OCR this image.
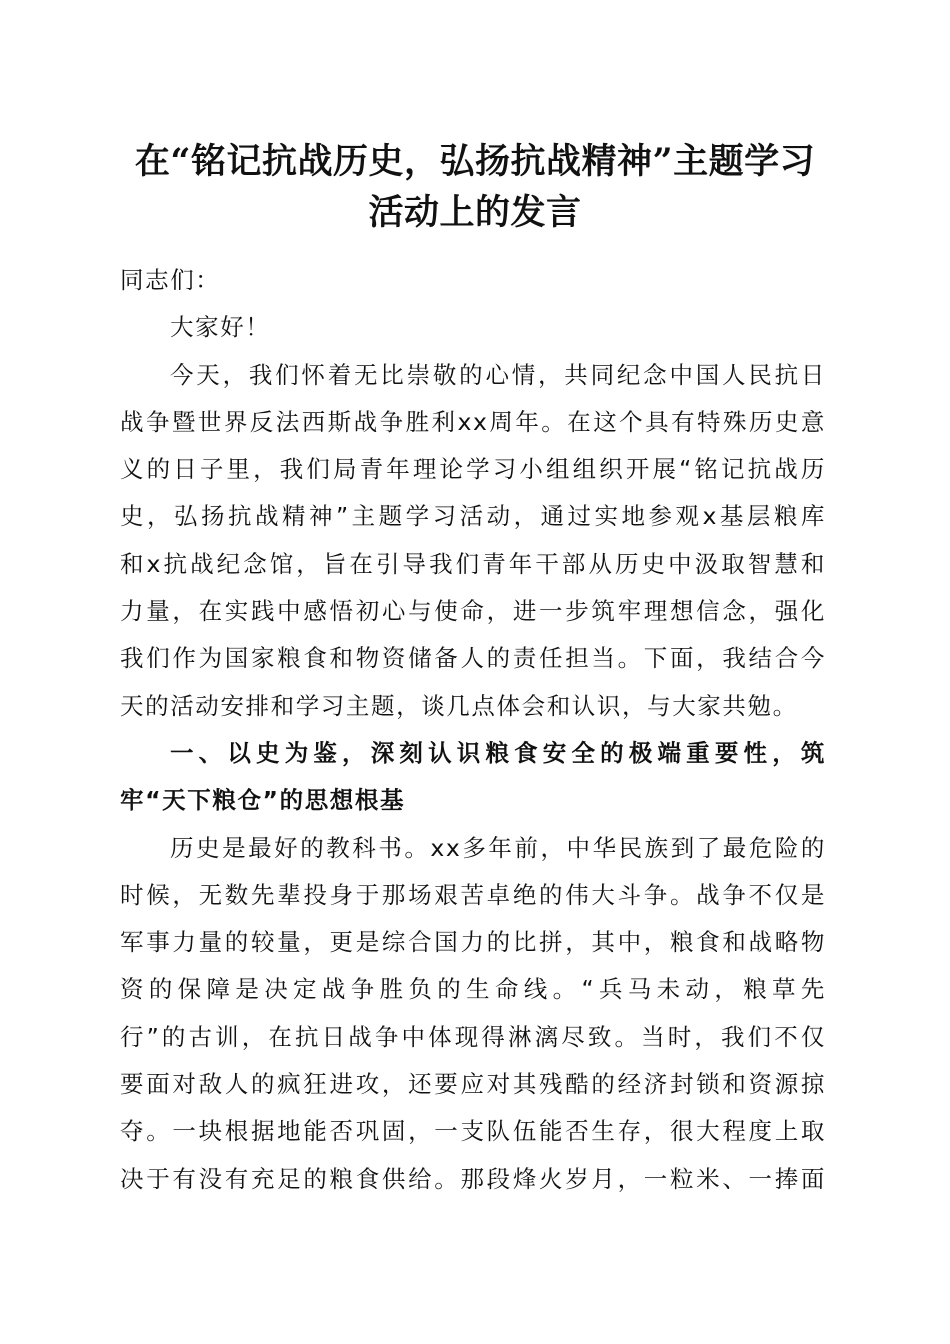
在“铭记抗战历史，弘扬抗战精神”主题学习
活动上的发言
同志们：
大家好！
今天，我们怀着无比崇敬的心情，共同纪念中国人民抗日
战争暨世界反法西斯战争胜利xx周年。在这个具有特殊历史意
义的日子里，我们局青年理论学习小组组织开展“铭记抗战历
史，弘扬抗战精神”主题学习活动，通过实地参观x基层粮库
和x抗战纪念馆，旨在引导我们青年干部从历史中汲取智慧和
力量，在实践中感悟初心与使命，进一步筑牢理想信念，强化
我们作为国家粮食和物资储备人的责任担当。下面，我结合今
天的活动安排和学习主题，谈几点体会和认识，与大家共勉。
一、以史为鉴，深刻认识粮食安全的极端重要性，筑
牢“天下粮仓”的思想根基
历史是最好的教科书。xx多年前，中华民族到了最危险的
时候，无数先辈投身于那场艰苦卓绝的伟大斗争。战争不仅是
军事力量的较量，更是综合国力的比拼，其中，粮食和战略物
资的保障是决定战争胜负的生命线。“兵马未动，粮草先
行”的古训，在抗日战争中体现得淋漓尽致。当时，我们不仅
要面对敌人的疯狂进攻，还要应对其残酷的经济封锁和资源掠
夺。一块根据地能否巩固，一支队伍能否生存，很大程度上取
决于有没有充足的粮食供给。那段烽火岁月，一粒米、一捧面
